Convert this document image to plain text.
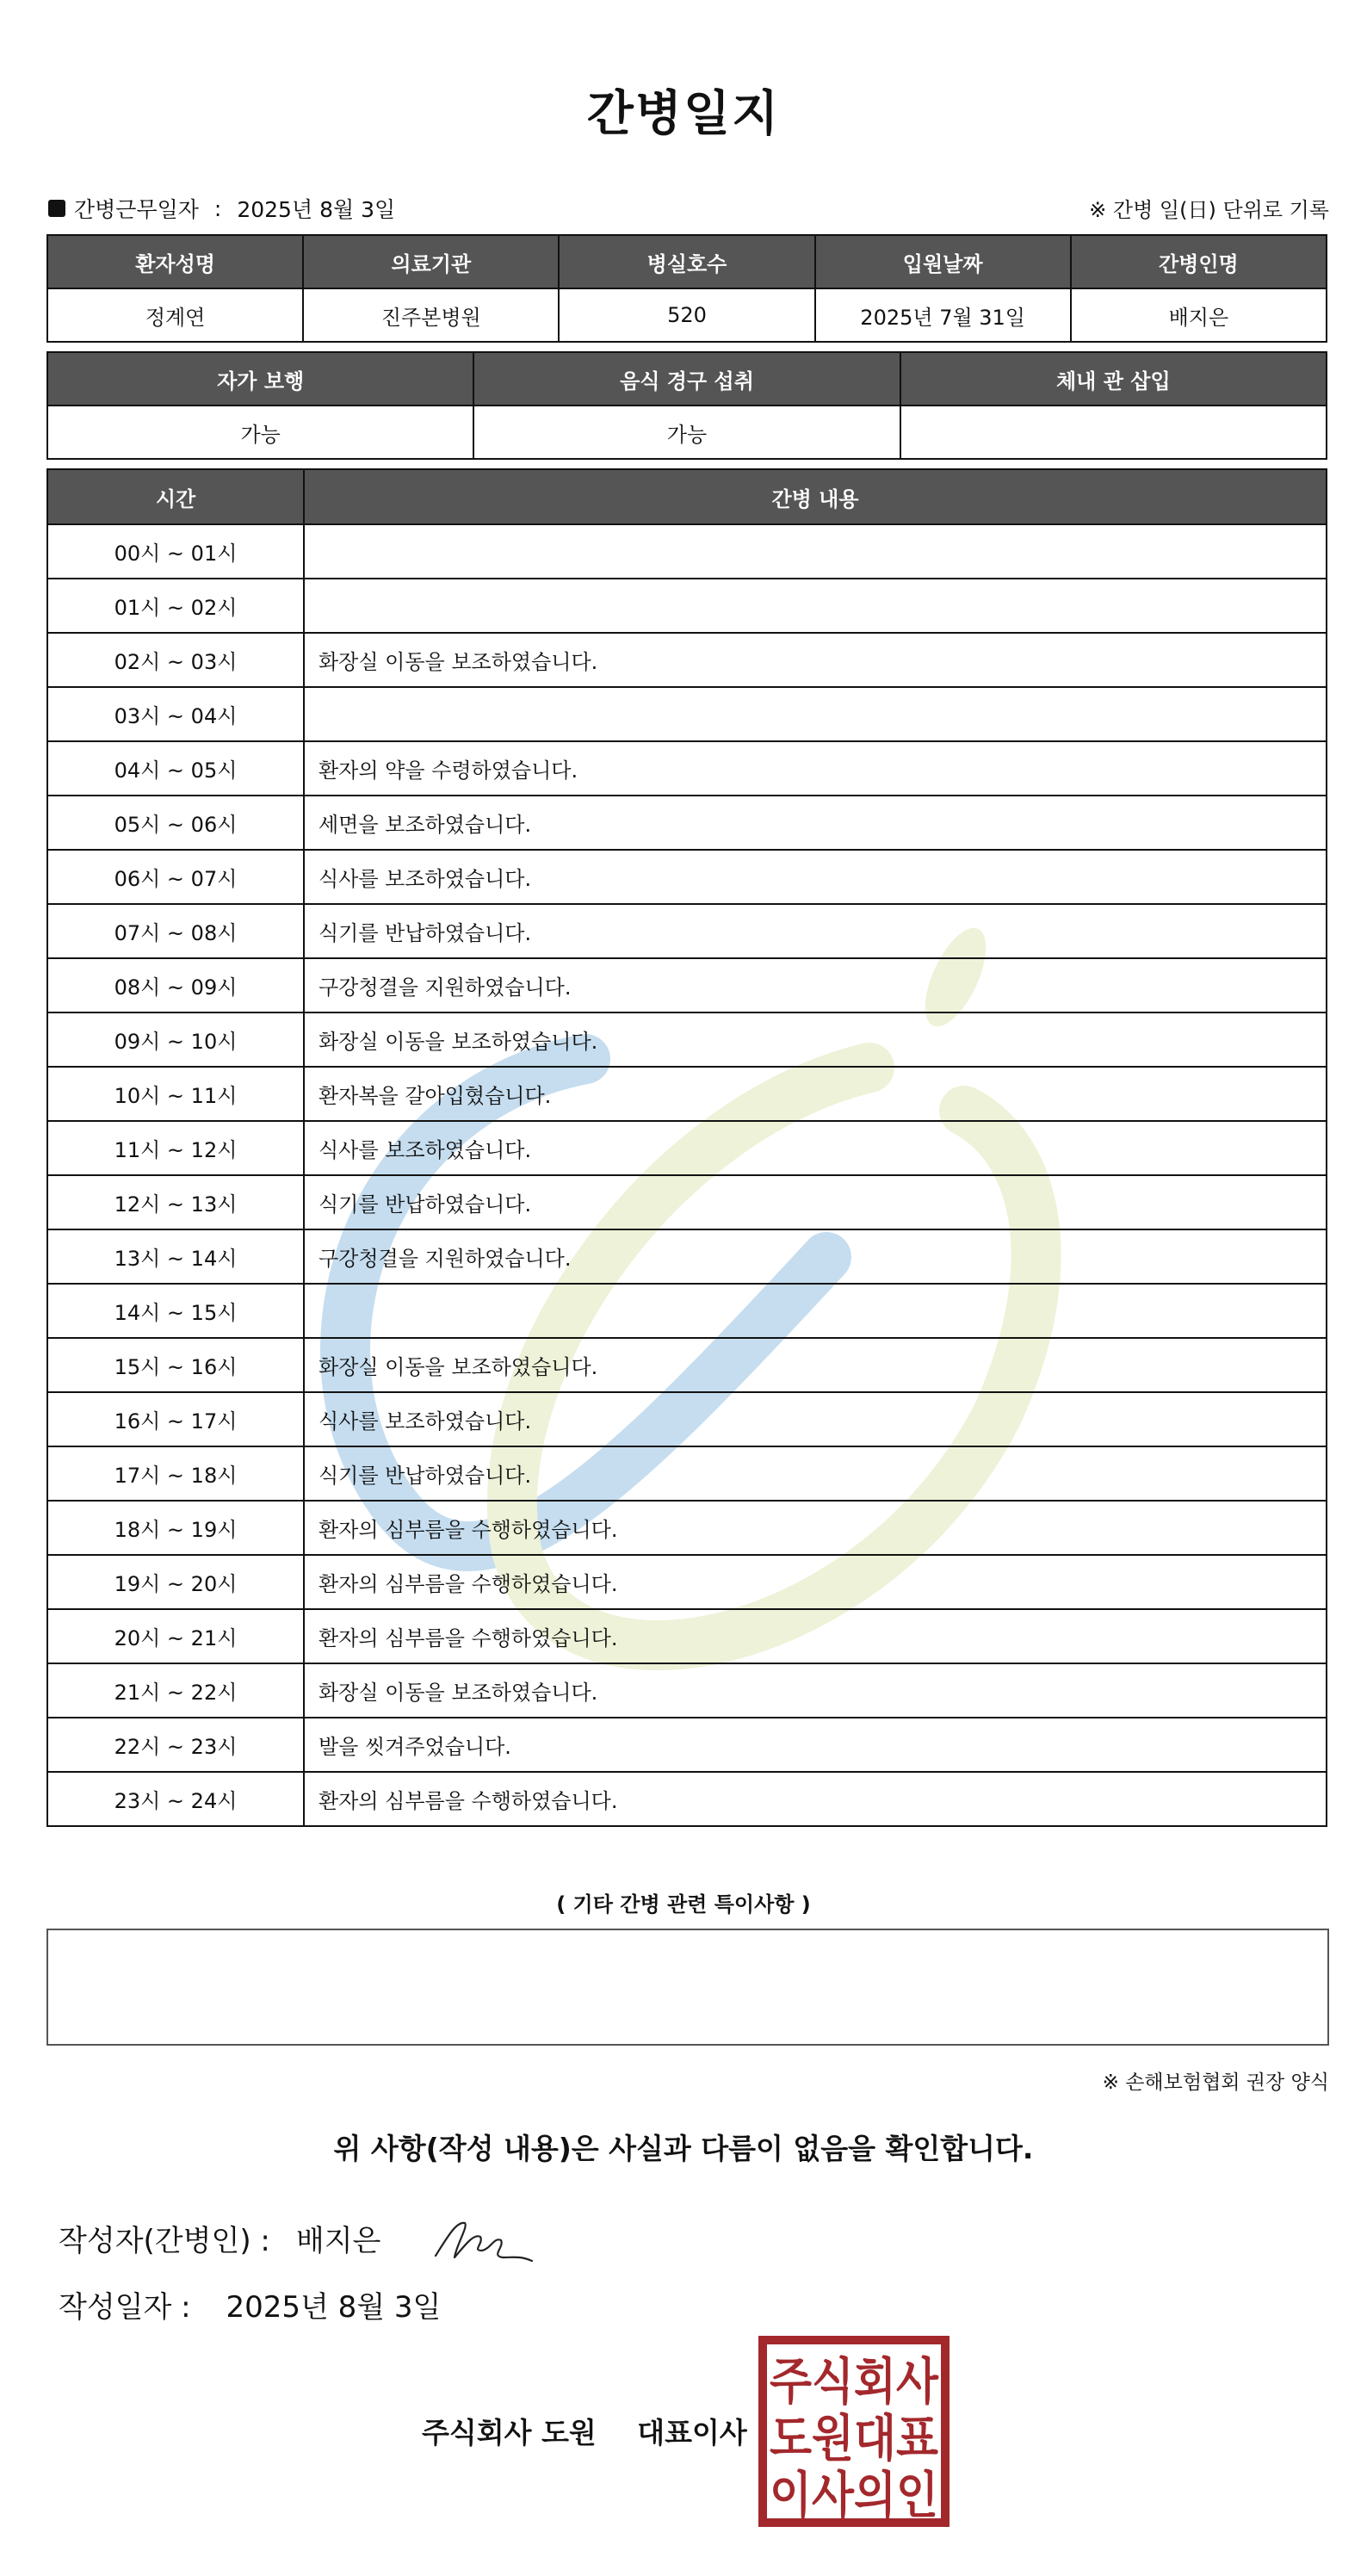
간병일지
간병근무일자 : 2025년 8월 3일	※ 간병 일(日) 단위로 기록
환자성명	의료기관	병실호수	입원날짜	간병인명
정계연	진주본병원	520	2025년 7월 31일	배지은
자가 보행	음식 경구 섭취	체내 관 삽입
가능	가능	
시간	간병 내용
00시 ~ 01시	
01시 ~ 02시	
02시 ~ 03시	화장실 이동을 보조하였습니다.
03시 ~ 04시	
04시 ~ 05시	환자의 약을 수령하였습니다.
05시 ~ 06시	세면을 보조하였습니다.
06시 ~ 07시	식사를 보조하였습니다.
07시 ~ 08시	식기를 반납하였습니다.
08시 ~ 09시	구강청결을 지원하였습니다.
09시 ~ 10시	화장실 이동을 보조하였습니다.
10시 ~ 11시	환자복을 갈아입혔습니다.
11시 ~ 12시	식사를 보조하였습니다.
12시 ~ 13시	식기를 반납하였습니다.
13시 ~ 14시	구강청결을 지원하였습니다.
14시 ~ 15시	
15시 ~ 16시	화장실 이동을 보조하였습니다.
16시 ~ 17시	식사를 보조하였습니다.
17시 ~ 18시	식기를 반납하였습니다.
18시 ~ 19시	환자의 심부름을 수행하였습니다.
19시 ~ 20시	환자의 심부름을 수행하였습니다.
20시 ~ 21시	환자의 심부름을 수행하였습니다.
21시 ~ 22시	화장실 이동을 보조하였습니다.
22시 ~ 23시	발을 씻겨주었습니다.
23시 ~ 24시	환자의 심부름을 수행하였습니다.
( 기타 간병 관련 특이사항 )
※ 손해보험협회 권장 양식
위 사항(작성 내용)은 사실과 다름이 없음을 확인합니다.
작성자(간병인) : 배지은
작성일자 : 2025년 8월 3일
주식회사 도원 대표이사
주식회사
도원대표
이사의인
